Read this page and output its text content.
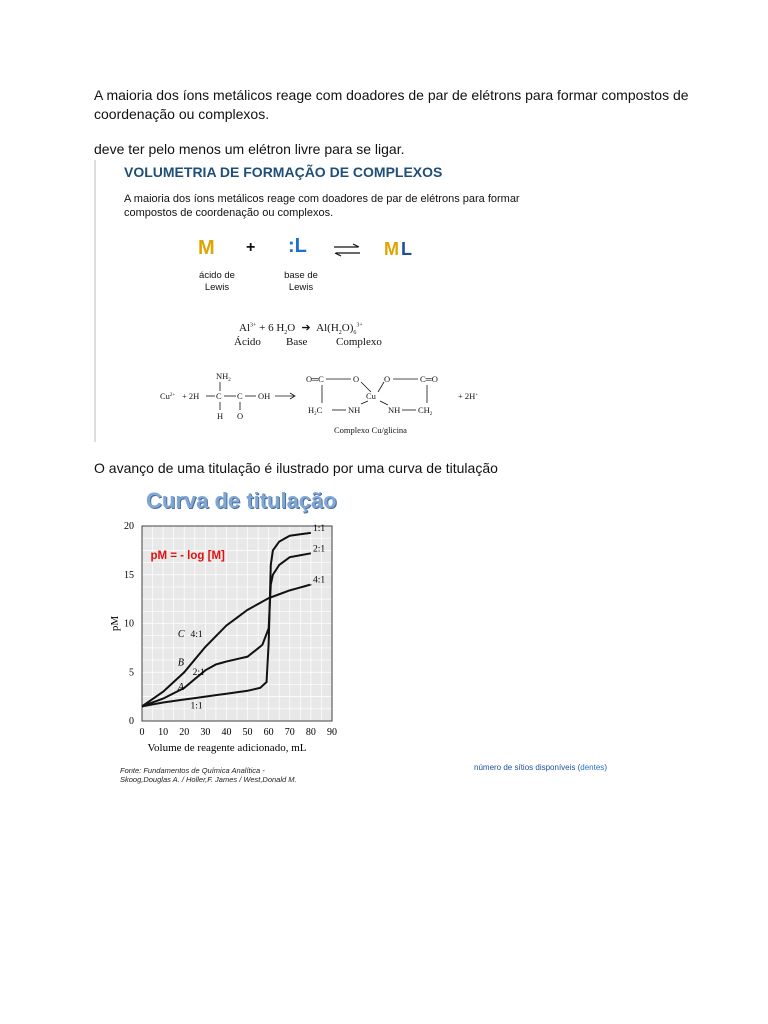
A maioria dos íons metálicos reage com doadores de par de elétrons para formar compostos de coordenação ou complexos.
deve ter pelo menos um elétron livre para se ligar.
VOLUMETRIA DE FORMAÇÃO DE COMPLEXOS
A maioria dos íons metálicos reage com doadores de par de elétrons para formar compostos de coordenação ou complexos.
M + :L ⇌ M L
ácido de
Lewis
base de
Lewis
$Al^{3+} + 6$ $H_2O$ ➔ $Al(H_2O)_6^{3+}$
Ácido Base	Complexo
$Cu^{2+} + 2H$
$NH_2$
C C OH
H O
O═C	O
Cu
O	C═O
$H_2C$	NH	NH $CH_2$
+ 2H+
Complexo Cu/glicina
O avanço de uma titulação é ilustrado por uma curva de titulação
Curva de titulação
0 10 20 30 40 50 60 70 80 90
0
5
10
15
20
Volume de reagente adicionado, mL
pM
1:1
2:1
4:1
A
1:1
B
2:1
C 4:1
pM = - log [M]
Fonte: Fundamentos de Química Analítica -
Skoog,Douglas A. / Holler,F. James / West,Donald M.
número de sítios disponíveis (dentes)
